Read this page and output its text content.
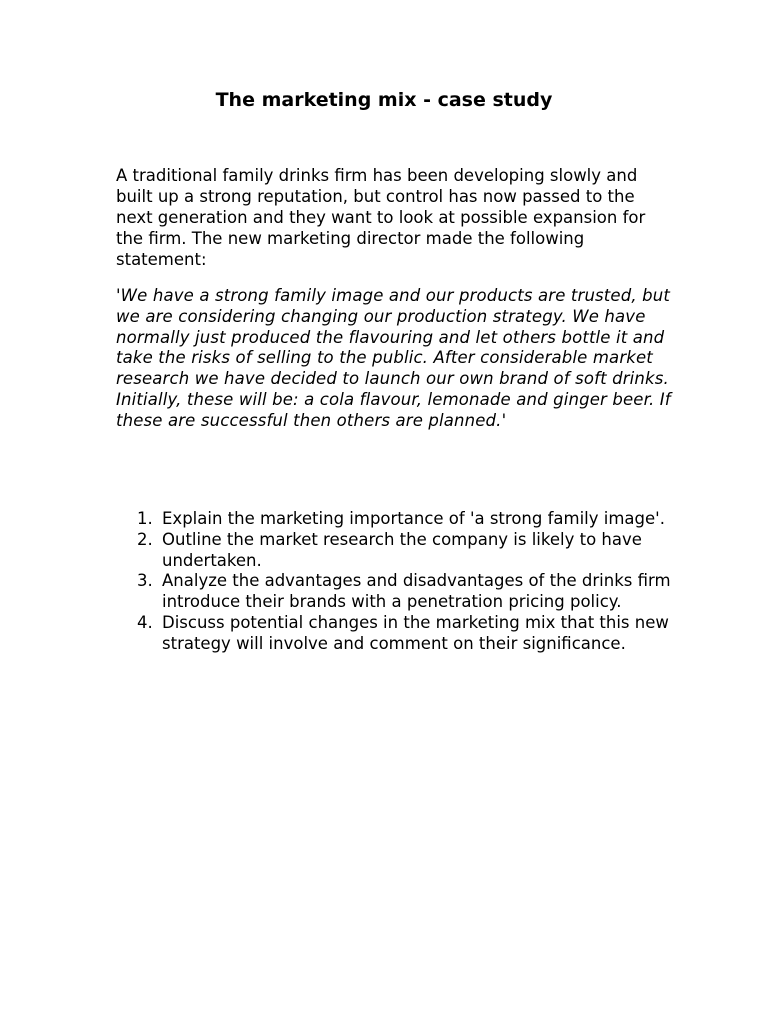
The marketing mix - case study

A traditional family drinks firm has been developing slowly and built up a strong reputation, but control has now passed to the next generation and they want to look at possible expansion for the firm. The new marketing director made the following statement:

'We have a strong family image and our products are trusted, but we are considering changing our production strategy. We have normally just produced the flavouring and let others bottle it and take the risks of selling to the public. After considerable market research we have decided to launch our own brand of soft drinks. Initially, these will be: a cola flavour, lemonade and ginger beer. If these are successful then others are planned.'

1. Explain the marketing importance of 'a strong family image'.
2. Outline the market research the company is likely to have undertaken.
3. Analyze the advantages and disadvantages of the drinks firm introduce their brands with a penetration pricing policy.
4. Discuss potential changes in the marketing mix that this new strategy will involve and comment on their significance.
